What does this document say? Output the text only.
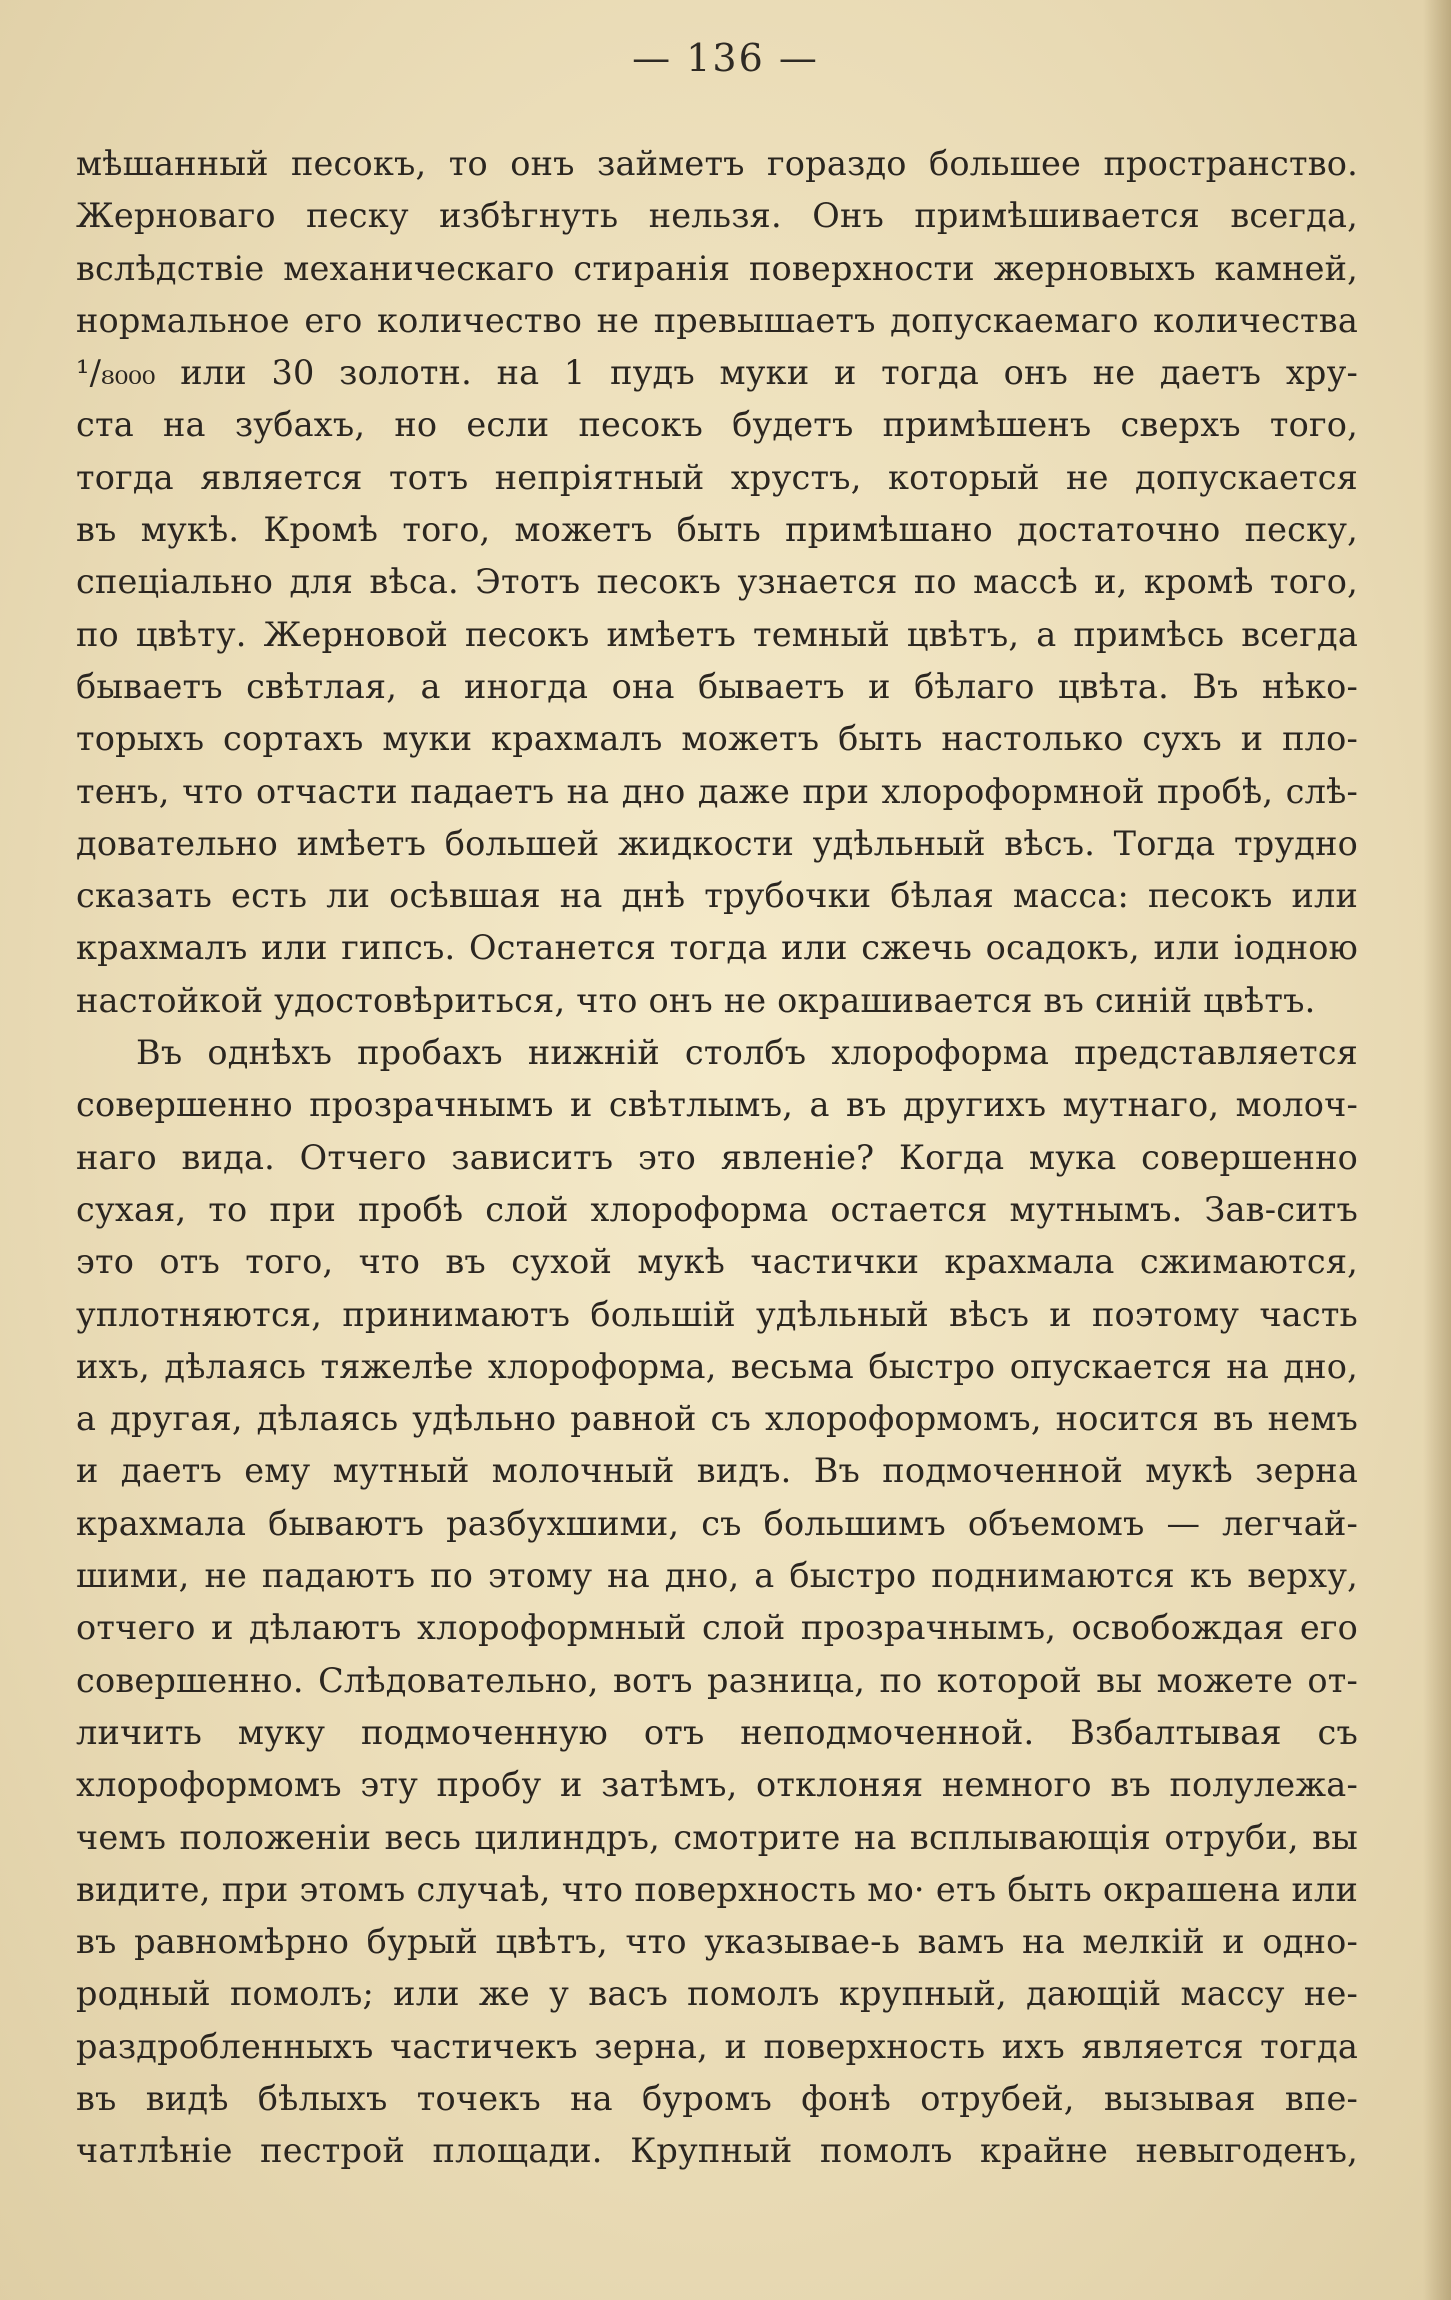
— 136 —
мѣшанный песокъ, то онъ займетъ гораздо большее пространство.
Жерноваго песку избѣгнуть нельзя. Онъ примѣшивается всегда,
вслѣдствіе механическаго стиранія поверхности жерновыхъ камней,
нормальное его количество не превышаетъ допускаемаго количества
¹/₈₀₀₀ или 30 золотн. на 1 пудъ муки и тогда онъ не даетъ хру-
ста на зубахъ, но если песокъ будетъ примѣшенъ сверхъ того,
тогда является тотъ непріятный хрустъ, который не допускается
въ мукѣ. Кромѣ того, можетъ быть примѣшано достаточно песку,
спеціально для вѣса. Этотъ песокъ узнается по массѣ и, кромѣ того,
по цвѣту. Жерновой песокъ имѣетъ темный цвѣтъ, а примѣсь всегда
бываетъ свѣтлая, а иногда она бываетъ и бѣлаго цвѣта. Въ нѣко-
торыхъ сортахъ муки крахмалъ можетъ быть настолько сухъ и пло-
тенъ, что отчасти падаетъ на дно даже при хлороформной пробѣ, слѣ-
довательно имѣетъ большей жидкости удѣльный вѣсъ. Тогда трудно
сказать есть ли осѣвшая на днѣ трубочки бѣлая масса: песокъ или
крахмалъ или гипсъ. Останется тогда или сжечь осадокъ, или іодною
настойкой удостовѣриться, что онъ не окрашивается въ синій цвѣтъ.
Въ однѣхъ пробахъ нижній столбъ хлороформа представляется
совершенно прозрачнымъ и свѣтлымъ, а въ другихъ мутнаго, молоч-
наго вида. Отчего зависитъ это явленіе? Когда мука совершенно
сухая, то при пробѣ слой хлороформа остается мутнымъ. Зав‑ситъ
это отъ того, что въ сухой мукѣ частички крахмала сжимаются,
уплотняются, принимаютъ большій удѣльный вѣсъ и поэтому часть
ихъ, дѣлаясь тяжелѣе хлороформа, весьма быстро опускается на дно,
а другая, дѣлаясь удѣльно равной съ хлороформомъ, носится въ немъ
и даетъ ему мутный молочный видъ. Въ подмоченной мукѣ зерна
крахмала бываютъ разбухшими, съ большимъ объемомъ — легчай-
шими, не падаютъ по этому на дно, а быстро поднимаются къ верху,
отчего и дѣлаютъ хлороформный слой прозрачнымъ, освобождая его
совершенно. Слѣдовательно, вотъ разница, по которой вы можете от-
личить муку подмоченную отъ неподмоченной. Взбалтывая съ
хлороформомъ эту пробу и затѣмъ, отклоняя немного въ полулежа-
чемъ положеніи весь цилиндръ, смотрите на всплывающія отруби, вы
видите, при этомъ случаѣ, что поверхность мо· етъ быть окрашена или
въ равномѣрно бурый цвѣтъ, что указывае‑ь вамъ на мелкій и одно-
родный помолъ; или же у васъ помолъ крупный, дающій массу не-
раздробленныхъ частичекъ зерна, и поверхность ихъ является тогда
въ видѣ бѣлыхъ точекъ на буромъ фонѣ отрубей, вызывая впе-
чатлѣніе пестрой площади. Крупный помолъ крайне невыгоденъ,
